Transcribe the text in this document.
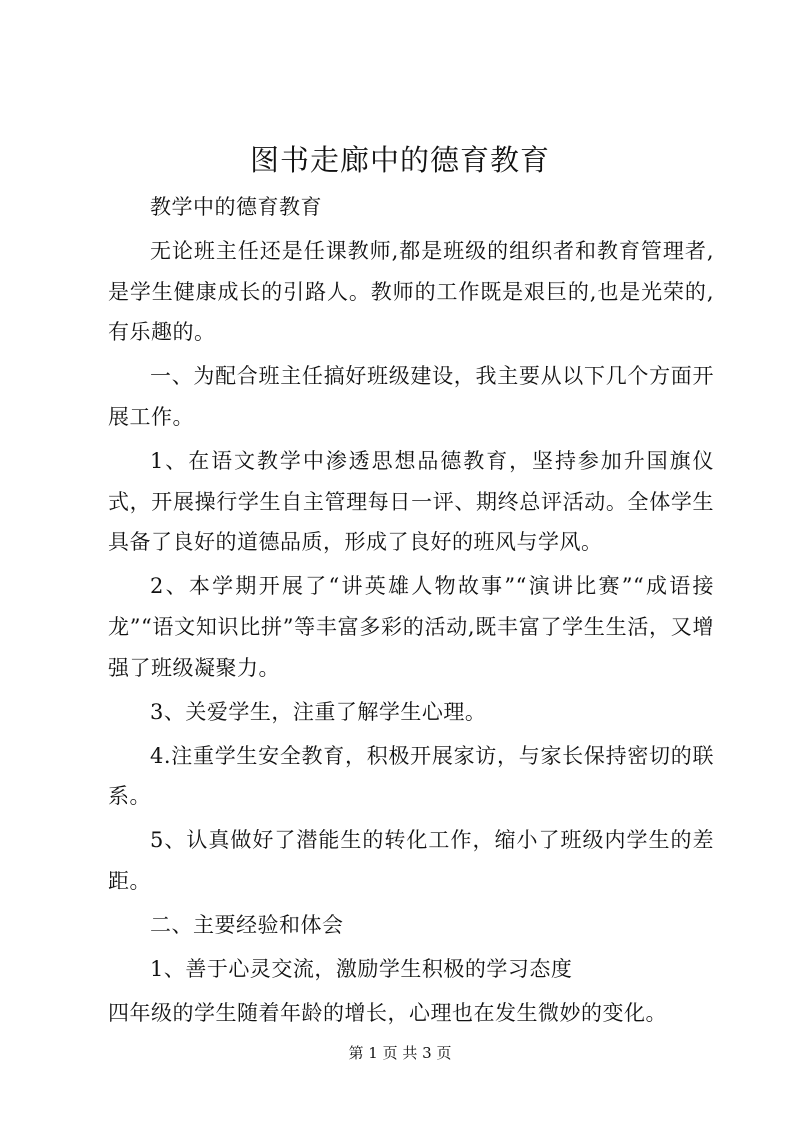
图书走廊中的德育教育

教学中的德育教育

无论班主任还是任课教师,都是班级的组织者和教育管理者,是学生健康成长的引路人。教师的工作既是艰巨的,也是光荣的,有乐趣的。

一、为配合班主任搞好班级建设，我主要从以下几个方面开展工作。

1、在语文教学中渗透思想品德教育，坚持参加升国旗仪式，开展操行学生自主管理每日一评、期终总评活动。全体学生具备了良好的道德品质，形成了良好的班风与学风。

2、本学期开展了“讲英雄人物故事”“演讲比赛”“成语接龙”“语文知识比拼”等丰富多彩的活动,既丰富了学生生活，又增强了班级凝聚力。

3、关爱学生，注重了解学生心理。

4.注重学生安全教育，积极开展家访，与家长保持密切的联系。

5、认真做好了潜能生的转化工作，缩小了班级内学生的差距。

二、主要经验和体会

1、善于心灵交流，激励学生积极的学习态度

四年级的学生随着年龄的增长，心理也在发生微妙的变化。

第 1 页 共 3 页
